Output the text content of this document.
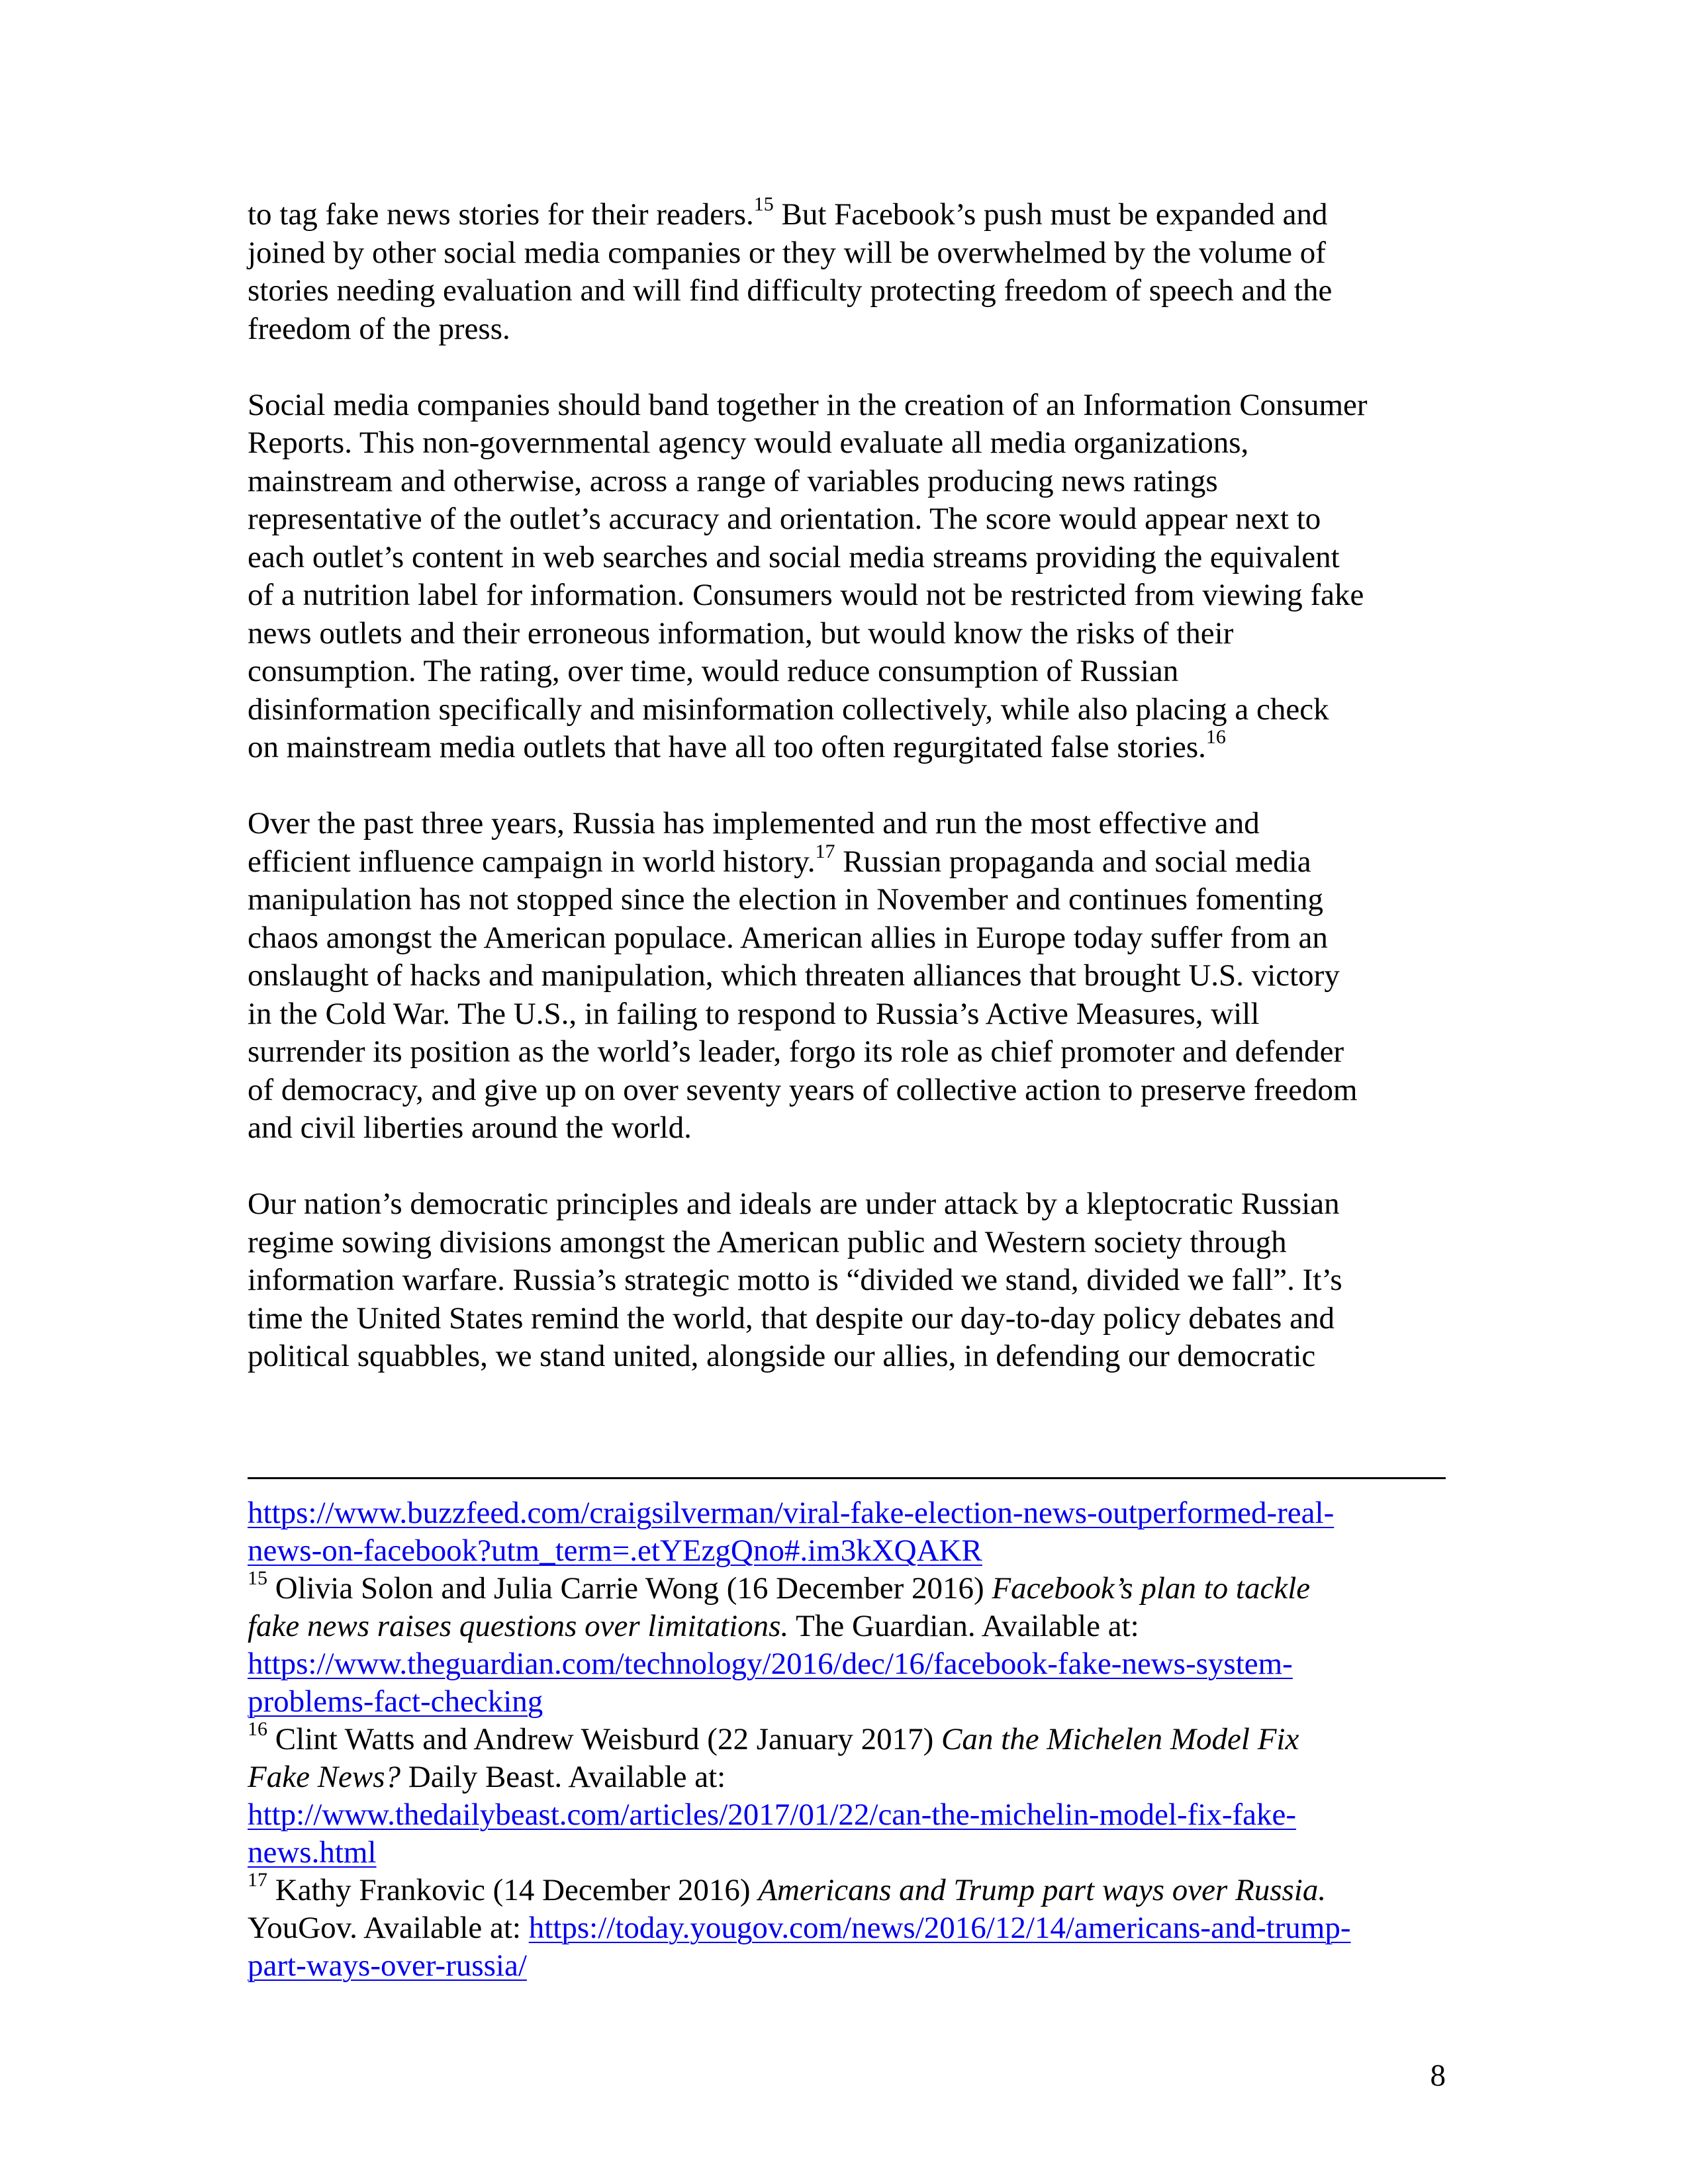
to tag fake news stories for their readers.$^{15}$ But Facebook’s push must be expanded and
joined by other social media companies or they will be overwhelmed by the volume of
stories needing evaluation and will find difficulty protecting freedom of speech and the
freedom of the press.

Social media companies should band together in the creation of an Information Consumer
Reports. This non-governmental agency would evaluate all media organizations,
mainstream and otherwise, across a range of variables producing news ratings
representative of the outlet’s accuracy and orientation. The score would appear next to
each outlet’s content in web searches and social media streams providing the equivalent
of a nutrition label for information. Consumers would not be restricted from viewing fake
news outlets and their erroneous information, but would know the risks of their
consumption. The rating, over time, would reduce consumption of Russian
disinformation specifically and misinformation collectively, while also placing a check
on mainstream media outlets that have all too often regurgitated false stories.$^{16}$

Over the past three years, Russia has implemented and run the most effective and
efficient influence campaign in world history.$^{17}$ Russian propaganda and social media
manipulation has not stopped since the election in November and continues fomenting
chaos amongst the American populace. American allies in Europe today suffer from an
onslaught of hacks and manipulation, which threaten alliances that brought U.S. victory
in the Cold War. The U.S., in failing to respond to Russia’s Active Measures, will
surrender its position as the world’s leader, forgo its role as chief promoter and defender
of democracy, and give up on over seventy years of collective action to preserve freedom
and civil liberties around the world.

Our nation’s democratic principles and ideals are under attack by a kleptocratic Russian
regime sowing divisions amongst the American public and Western society through
information warfare. Russia’s strategic motto is “divided we stand, divided we fall”. It’s
time the United States remind the world, that despite our day-to-day policy debates and
political squabbles, we stand united, alongside our allies, in defending our democratic

https://www.buzzfeed.com/craigsilverman/viral-fake-election-news-outperformed-real-
news-on-facebook?utm_term=.etYEzgQno#.im3kXQAKR
$^{15}$ Olivia Solon and Julia Carrie Wong (16 December 2016) Facebook’s plan to tackle
fake news raises questions over limitations. The Guardian. Available at:
https://www.theguardian.com/technology/2016/dec/16/facebook-fake-news-system-
problems-fact-checking
$^{16}$ Clint Watts and Andrew Weisburd (22 January 2017) Can the Michelen Model Fix
Fake News? Daily Beast. Available at:
http://www.thedailybeast.com/articles/2017/01/22/can-the-michelin-model-fix-fake-
news.html
$^{17}$ Kathy Frankovic (14 December 2016) Americans and Trump part ways over Russia.
YouGov. Available at: https://today.yougov.com/news/2016/12/14/americans-and-trump-
part-ways-over-russia/
8
